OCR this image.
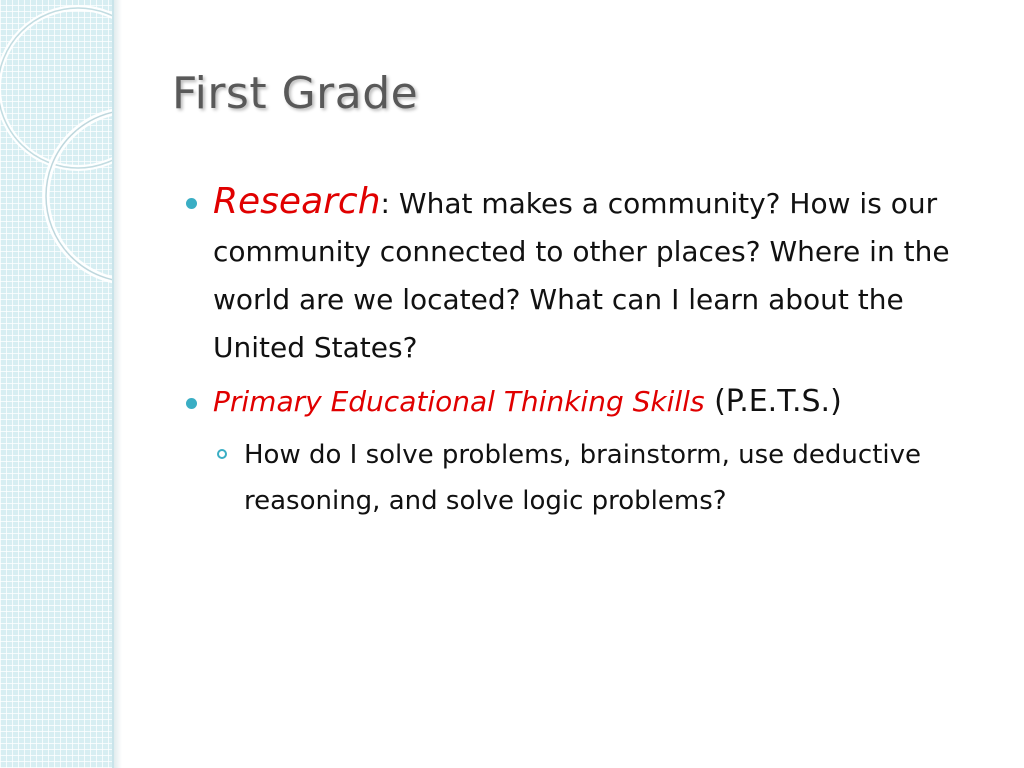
First Grade
Research: What makes a community? How is our community connected to other places? Where in the world are we located? What can I learn about the United States?
Primary Educational Thinking Skills (P.E.T.S.)
How do I solve problems, brainstorm, use deductive reasoning, and solve logic problems?
